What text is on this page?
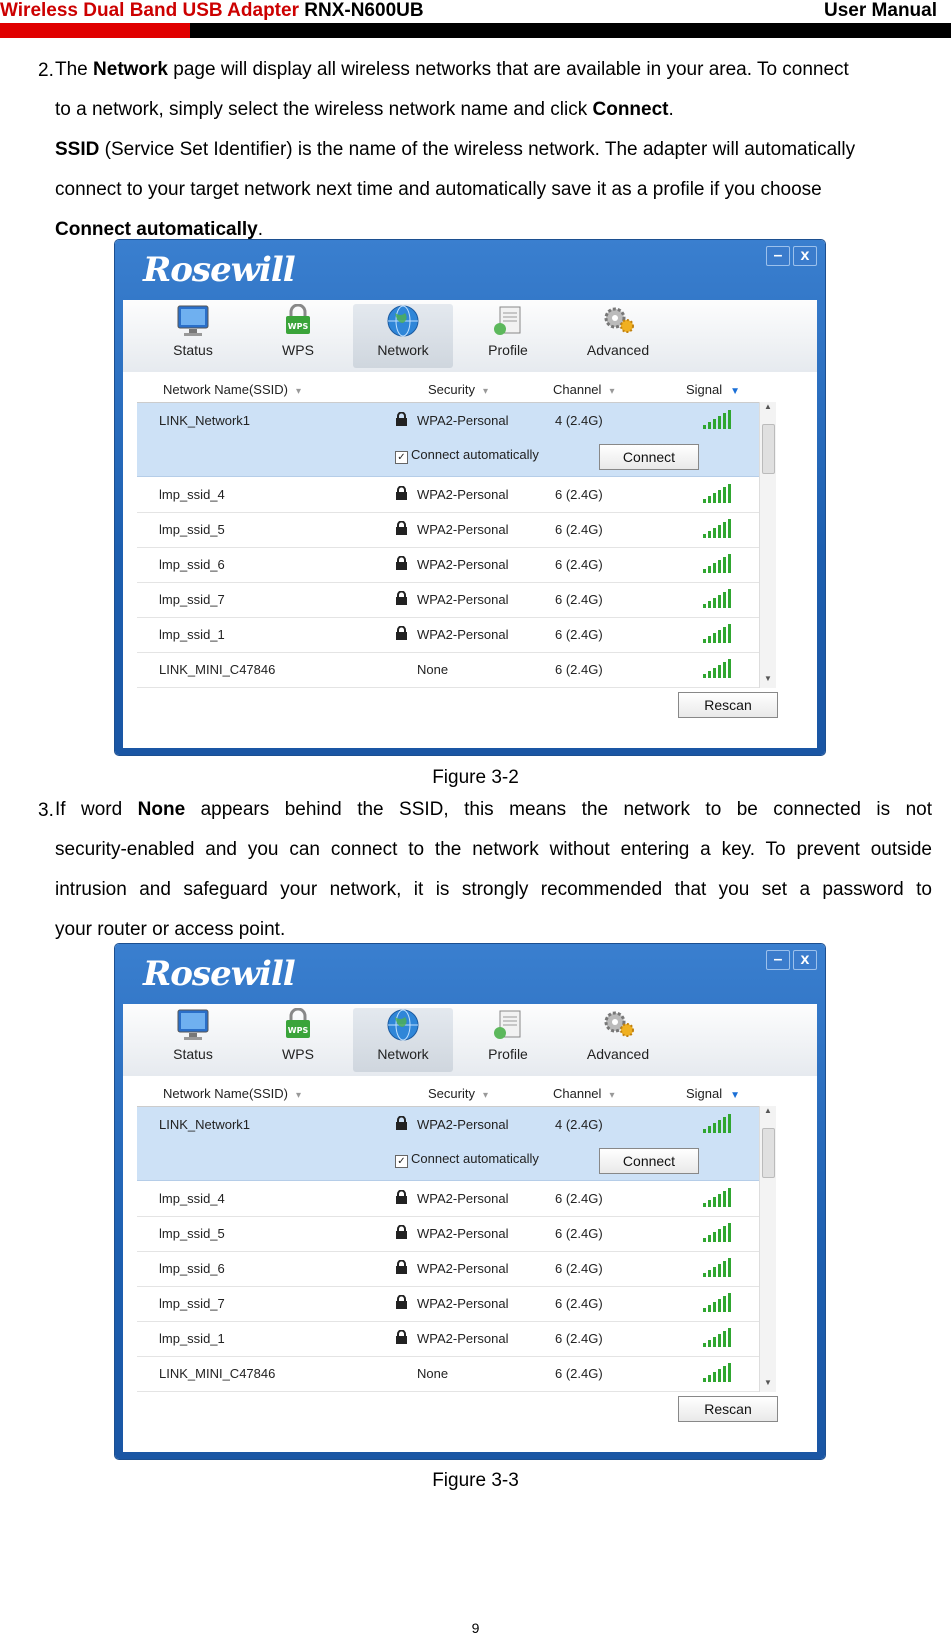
Wireless Dual Band USB Adapter RNX-N600UB	User Manual
2. The Network page will display all wireless networks that are available in your area. To connect
to a network, simply select the wireless network name and click Connect.
SSID (Service Set Identifier) is the name of the wireless network. The adapter will automatically
connect to your target network next time and automatically save it as a profile if you choose
Connect automatically.
Rosewill	–	x
Status
WPS
WPS	Network	Profile	Advanced
Network Name(SSID) ▾	Security ▾	Channel ▾	Signal ▼
LINK_Network1	WPA2-Personal	4 (2.4G)
✓ Connect automatically	Connect
lmp_ssid_4	WPA2-Personal	6 (2.4G)
lmp_ssid_5	WPA2-Personal	6 (2.4G)
lmp_ssid_6	WPA2-Personal	6 (2.4G)
lmp_ssid_7	WPA2-Personal	6 (2.4G)
lmp_ssid_1	WPA2-Personal	6 (2.4G)
LINK_MINI_C47846	None	6 (2.4G)
▲
▼
Rescan
Figure 3-2
3. If word None appears behind the SSID, this means the network to be connected is not
security-enabled and you can connect to the network without entering a key. To prevent outside
intrusion and safeguard your network, it is strongly recommended that you set a password to
your router or access point.
Rosewill	–	x
Status
WPS
WPS	Network	Profile	Advanced
Network Name(SSID) ▾	Security ▾	Channel ▾	Signal ▼
LINK_Network1	WPA2-Personal	4 (2.4G)
✓ Connect automatically	Connect
lmp_ssid_4	WPA2-Personal	6 (2.4G)
lmp_ssid_5	WPA2-Personal	6 (2.4G)
lmp_ssid_6	WPA2-Personal	6 (2.4G)
lmp_ssid_7	WPA2-Personal	6 (2.4G)
lmp_ssid_1	WPA2-Personal	6 (2.4G)
LINK_MINI_C47846	None	6 (2.4G)
▲
▼
Rescan
Figure 3-3
9
